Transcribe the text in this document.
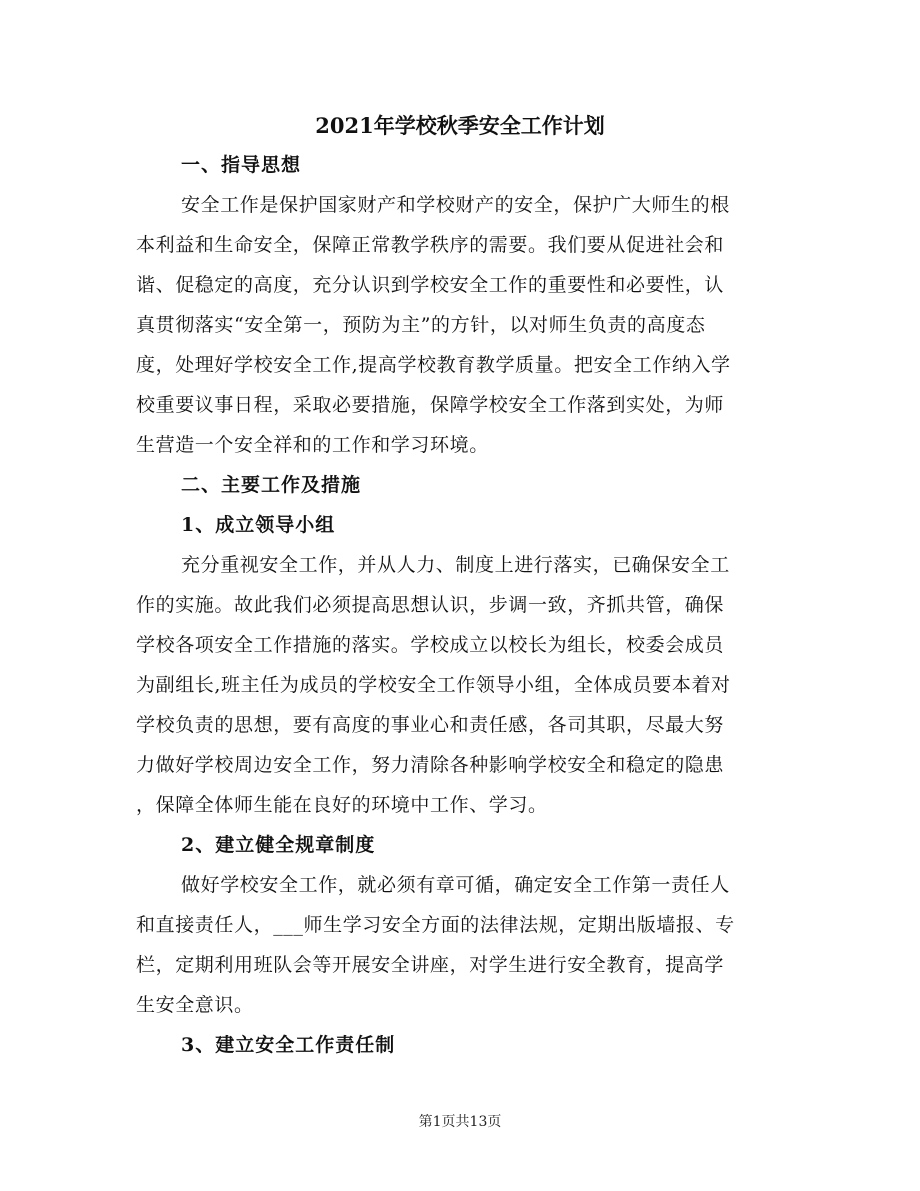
2021年学校秋季安全工作计划
一、指导思想
安全工作是保护国家财产和学校财产的安全，保护广大师生的根
本利益和生命安全，保障正常教学秩序的需要。我们要从促进社会和
谐、促稳定的高度，充分认识到学校安全工作的重要性和必要性，认
真贯彻落实“安全第一，预防为主”的方针，以对师生负责的高度态
度，处理好学校安全工作,提高学校教育教学质量。把安全工作纳入学
校重要议事日程，采取必要措施，保障学校安全工作落到实处，为师
生营造一个安全祥和的工作和学习环境。
二、主要工作及措施
1、成立领导小组
充分重视安全工作，并从人力、制度上进行落实，已确保安全工
作的实施。故此我们必须提高思想认识，步调一致，齐抓共管，确保
学校各项安全工作措施的落实。学校成立以校长为组长，校委会成员
为副组长,班主任为成员的学校安全工作领导小组，全体成员要本着对
学校负责的思想，要有高度的事业心和责任感，各司其职，尽最大努
力做好学校周边安全工作，努力清除各种影响学校安全和稳定的隐患
，保障全体师生能在良好的环境中工作、学习。
2、建立健全规章制度
做好学校安全工作，就必须有章可循，确定安全工作第一责任人
和直接责任人，___师生学习安全方面的法律法规，定期出版墙报、专
栏，定期利用班队会等开展安全讲座，对学生进行安全教育，提高学
生安全意识。
3、建立安全工作责任制
第1页共13页
